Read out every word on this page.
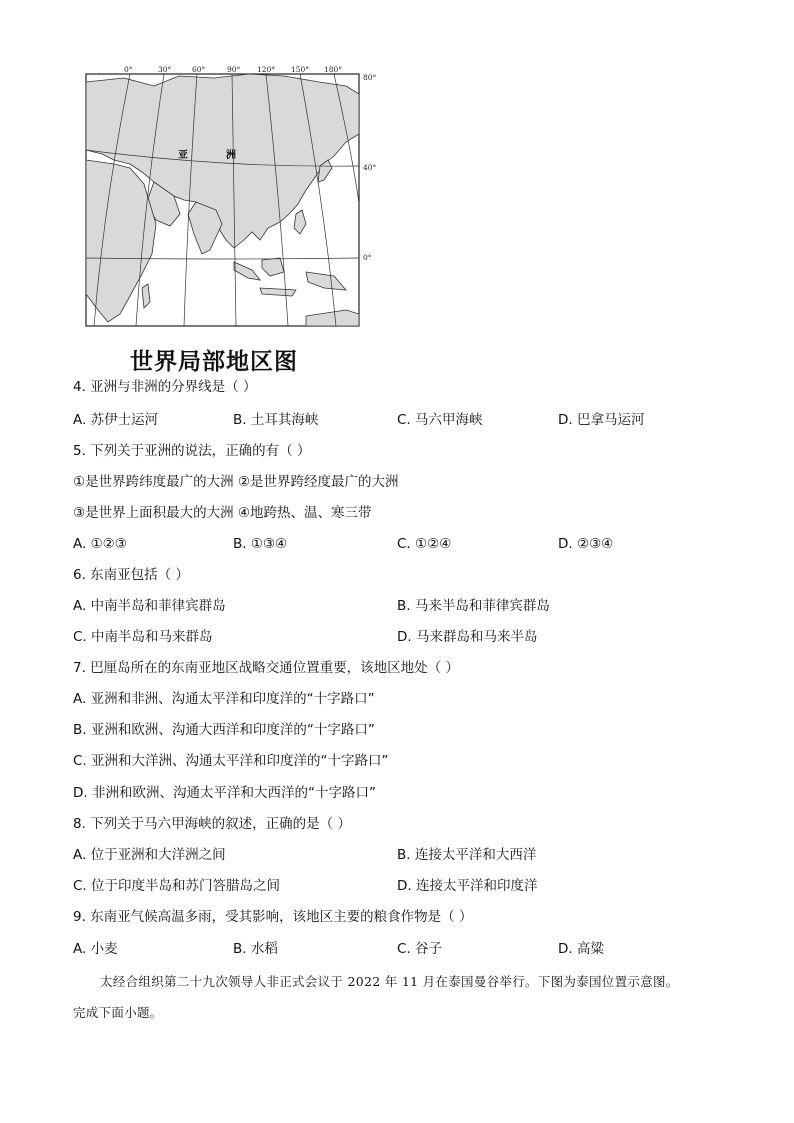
0°	30°	60°	90° 120° 150° 180°
80°
40°
0°
亚	洲
世界局部地区图
4. 亚洲与非洲的分界线是（ ）
A. 苏伊士运河	B. 土耳其海峡	C. 马六甲海峡	D. 巴拿马运河
5. 下列关于亚洲的说法，正确的有（ ）
①是世界跨纬度最广的大洲 ②是世界跨经度最广的大洲
③是世界上面积最大的大洲 ④地跨热、温、寒三带
A. ①②③	B. ①③④	C. ①②④	D. ②③④
6. 东南亚包括（ ）
A. 中南半岛和菲律宾群岛	B. 马来半岛和菲律宾群岛
C. 中南半岛和马来群岛	D. 马来群岛和马来半岛
7. 巴厘岛所在的东南亚地区战略交通位置重要，该地区地处（ ）
A. 亚洲和非洲、沟通太平洋和印度洋的“十字路口”
B. 亚洲和欧洲、沟通大西洋和印度洋的“十字路口”
C. 亚洲和大洋洲、沟通太平洋和印度洋的“十字路口”
D. 非洲和欧洲、沟通太平洋和大西洋的“十字路口”
8. 下列关于马六甲海峡的叙述，正确的是（ ）
A. 位于亚洲和大洋洲之间	B. 连接太平洋和大西洋
C. 位于印度半岛和苏门答腊岛之间	D. 连接太平洋和印度洋
9. 东南亚气候高温多雨，受其影响，该地区主要的粮食作物是（ ）
A. 小麦	B. 水稻	C. 谷子	D. 高粱
太经合组织第二十九次领导人非正式会议于 2022 年 11 月在泰国曼谷举行。下图为泰国位置示意图。
完成下面小题。
